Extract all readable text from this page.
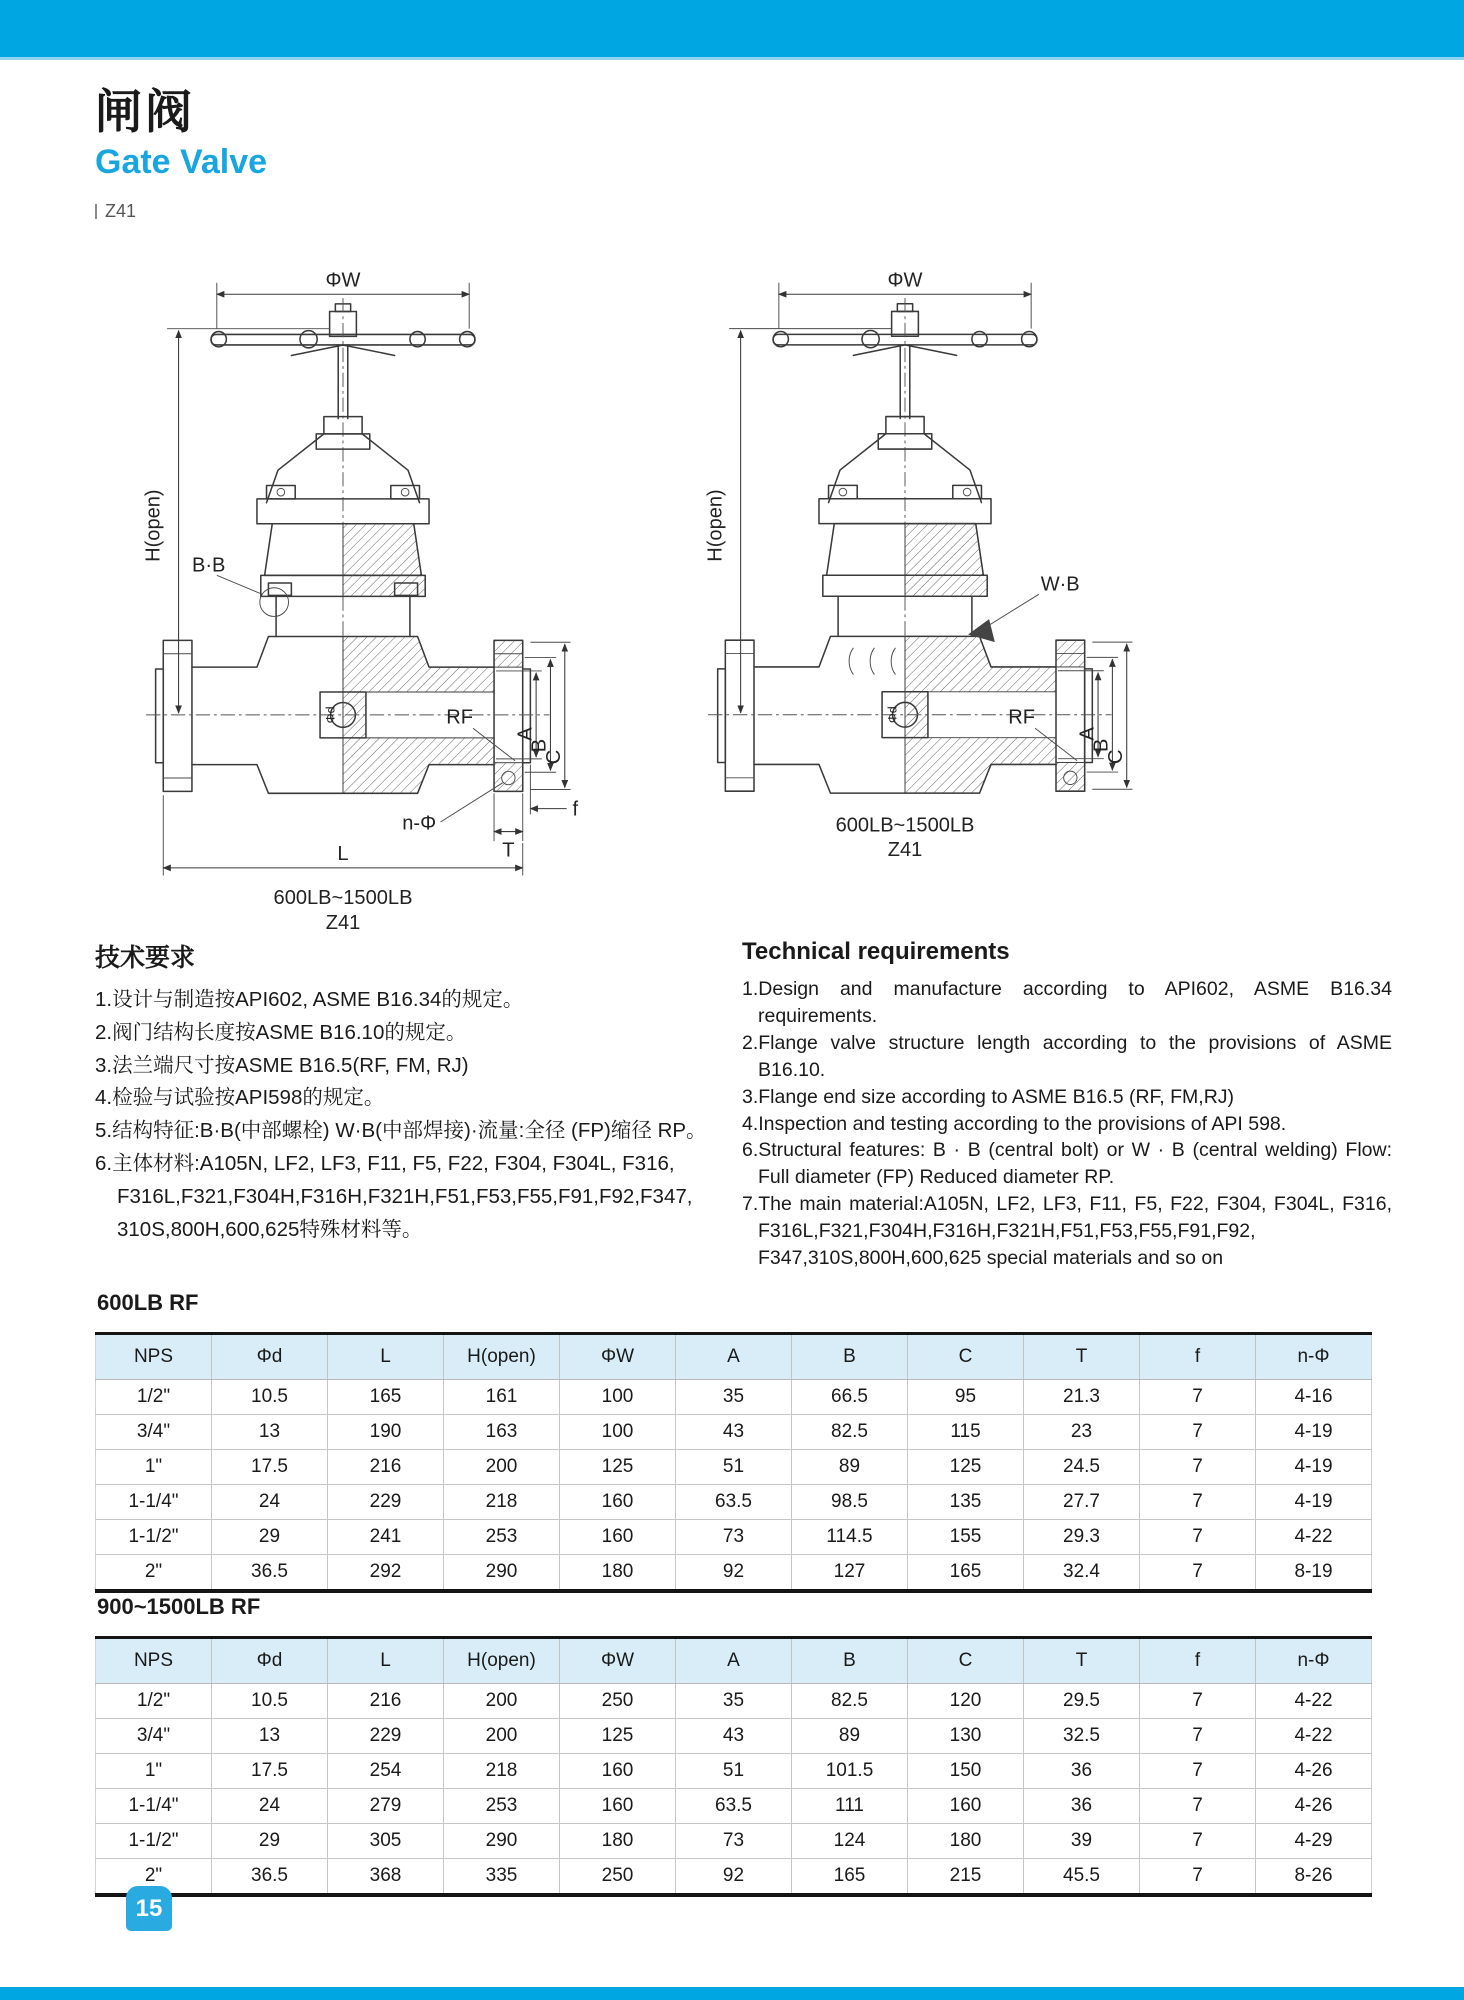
闸阀
Gate Valve
Z41
ΦW
H(open)
B·B
RF
Φd
A
B
C
n-Φ
T
f
L
600LB~1500LB
Z41
ΦW
H(open)
W·B
RF
Φd
A
B
C
600LB~1500LB
Z41
技术要求
1.设计与制造按API602, ASME B16.34的规定。
2.阀门结构长度按ASME B16.10的规定。
3.法兰端尺寸按ASME B16.5(RF, FM, RJ)
4.检验与试验按API598的规定。
5.结构特征:B·B(中部螺栓) W·B(中部焊接)·流量:全径 (FP)缩径 RP。
6.主体材料:A105N, LF2, LF3, F11, F5, F22, F304, F304L, F316, F316L,F321,F304H,F316H,F321H,F51,F53,F55,F91,F92,F347, 310S,800H,600,625特殊材料等。
Technical requirements
1.Design and manufacture according to API602, ASME B16.34 requirements.
2.Flange valve structure length according to the provisions of ASME B16.10.
3.Flange end size according to ASME B16.5 (RF, FM,RJ)
4.Inspection and testing according to the provisions of API 598.
6.Structural features: B · B (central bolt) or W · B (central welding) Flow: Full diameter (FP) Reduced diameter RP.
7.The main material:A105N, LF2, LF3, F11, F5, F22, F304, F304L, F316, F316L,F321,F304H,F316H,F321H,F51,F53,F55,F91,F92, F347,310S,800H,600,625 special materials and so on
600LB RF
NPS	Φd	L	H(open)	ΦW	A	B	C	T	f	n-Φ
1/2"	10.5	165	161	100	35	66.5	95	21.3	7	4-16
3/4"	13	190	163	100	43	82.5	115	23	7	4-19
1"	17.5	216	200	125	51	89	125	24.5	7	4-19
1-1/4"	24	229	218	160	63.5	98.5	135	27.7	7	4-19
1-1/2"	29	241	253	160	73	114.5	155	29.3	7	4-22
2"	36.5	292	290	180	92	127	165	32.4	7	8-19
900~1500LB RF
NPS	Φd	L	H(open)	ΦW	A	B	C	T	f	n-Φ
1/2"	10.5	216	200	250	35	82.5	120	29.5	7	4-22
3/4"	13	229	200	125	43	89	130	32.5	7	4-22
1"	17.5	254	218	160	51	101.5	150	36	7	4-26
1-1/4"	24	279	253	160	63.5	111	160	36	7	4-26
1-1/2"	29	305	290	180	73	124	180	39	7	4-29
2"	36.5	368	335	250	92	165	215	45.5	7	8-26
15
